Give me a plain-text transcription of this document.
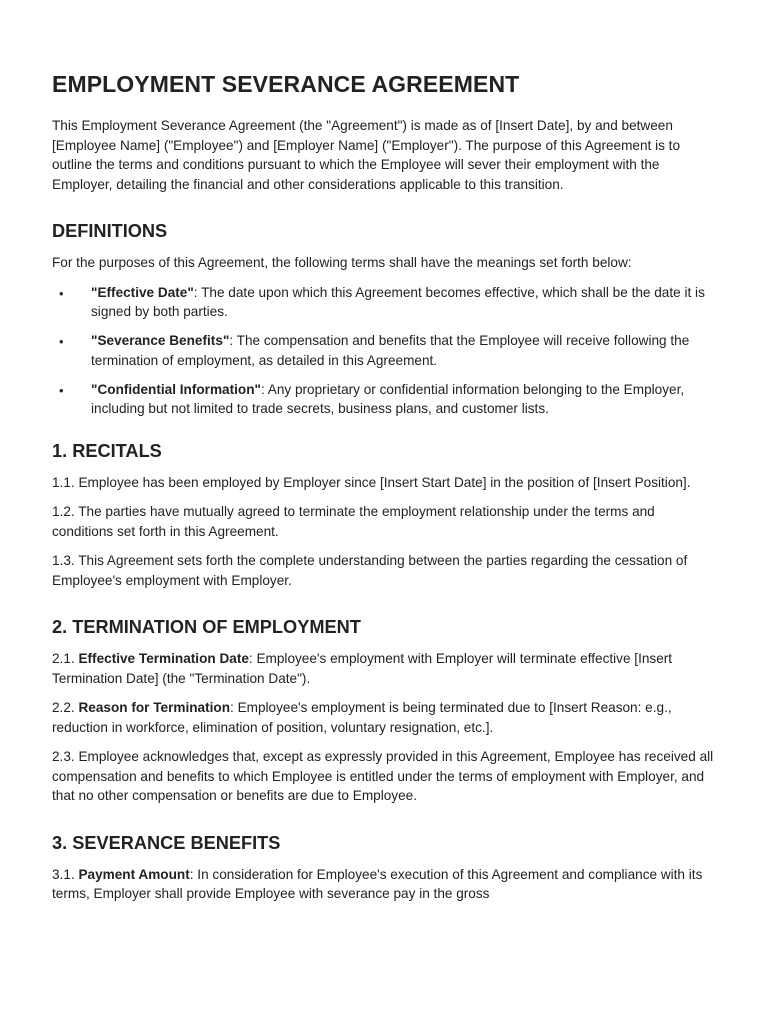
EMPLOYMENT SEVERANCE AGREEMENT

This Employment Severance Agreement (the "Agreement") is made as of [Insert Date], by and between [Employee Name] ("Employee") and [Employer Name] ("Employer"). The purpose of this Agreement is to outline the terms and conditions pursuant to which the Employee will sever their employment with the Employer, detailing the financial and other considerations applicable to this transition.

DEFINITIONS

For the purposes of this Agreement, the following terms shall have the meanings set forth below:

• "Effective Date": The date upon which this Agreement becomes effective, which shall be the date it is signed by both parties.
• "Severance Benefits": The compensation and benefits that the Employee will receive following the termination of employment, as detailed in this Agreement.
• "Confidential Information": Any proprietary or confidential information belonging to the Employer, including but not limited to trade secrets, business plans, and customer lists.
1. RECITALS

1.1. Employee has been employed by Employer since [Insert Start Date] in the position of [Insert Position].

1.2. The parties have mutually agreed to terminate the employment relationship under the terms and conditions set forth in this Agreement.

1.3. This Agreement sets forth the complete understanding between the parties regarding the cessation of Employee's employment with Employer.

2. TERMINATION OF EMPLOYMENT

2.1. Effective Termination Date: Employee's employment with Employer will terminate effective [Insert Termination Date] (the "Termination Date").

2.2. Reason for Termination: Employee's employment is being terminated due to [Insert Reason: e.g., reduction in workforce, elimination of position, voluntary resignation, etc.].

2.3. Employee acknowledges that, except as expressly provided in this Agreement, Employee has received all compensation and benefits to which Employee is entitled under the terms of employment with Employer, and that no other compensation or benefits are due to Employee.

3. SEVERANCE BENEFITS

3.1. Payment Amount: In consideration for Employee's execution of this Agreement and compliance with its terms, Employer shall provide Employee with severance pay in the gross
